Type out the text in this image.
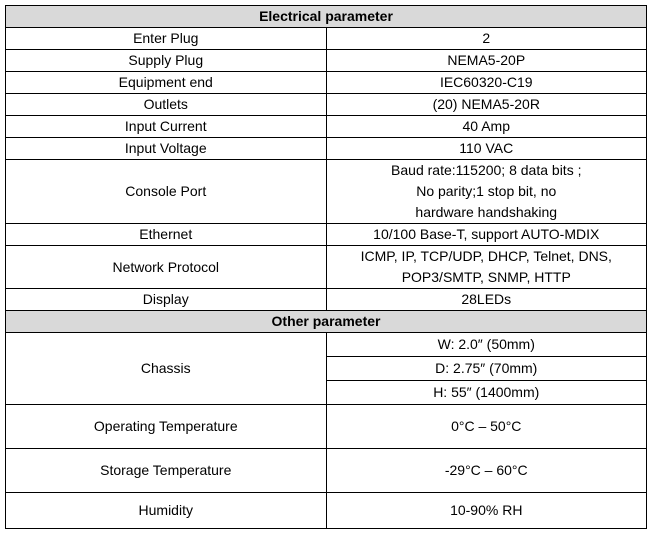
Electrical parameter	
Enter Plug	2
Supply Plug	NEMA5-20P
Equipment end	IEC60320-C19
Outlets	(20) NEMA5-20R
Input Current	40 Amp
Input Voltage	110 VAC
Console Port	Baud rate:115200; 8 data bits ; No parity;1 stop bit, no hardware handshaking
Ethernet	10/100 Base-T, support AUTO-MDIX
Network Protocol	ICMP, IP, TCP/UDP, DHCP, Telnet, DNS, POP3/SMTP, SNMP, HTTP
Display	28LEDs
Other parameter	
Chassis	W: 2.0″ (50mm)
	D: 2.75″ (70mm)
	H: 55″ (1400mm)
Operating Temperature	0°C – 50°C
Storage Temperature	-29°C – 60°C
Humidity	10-90% RH
